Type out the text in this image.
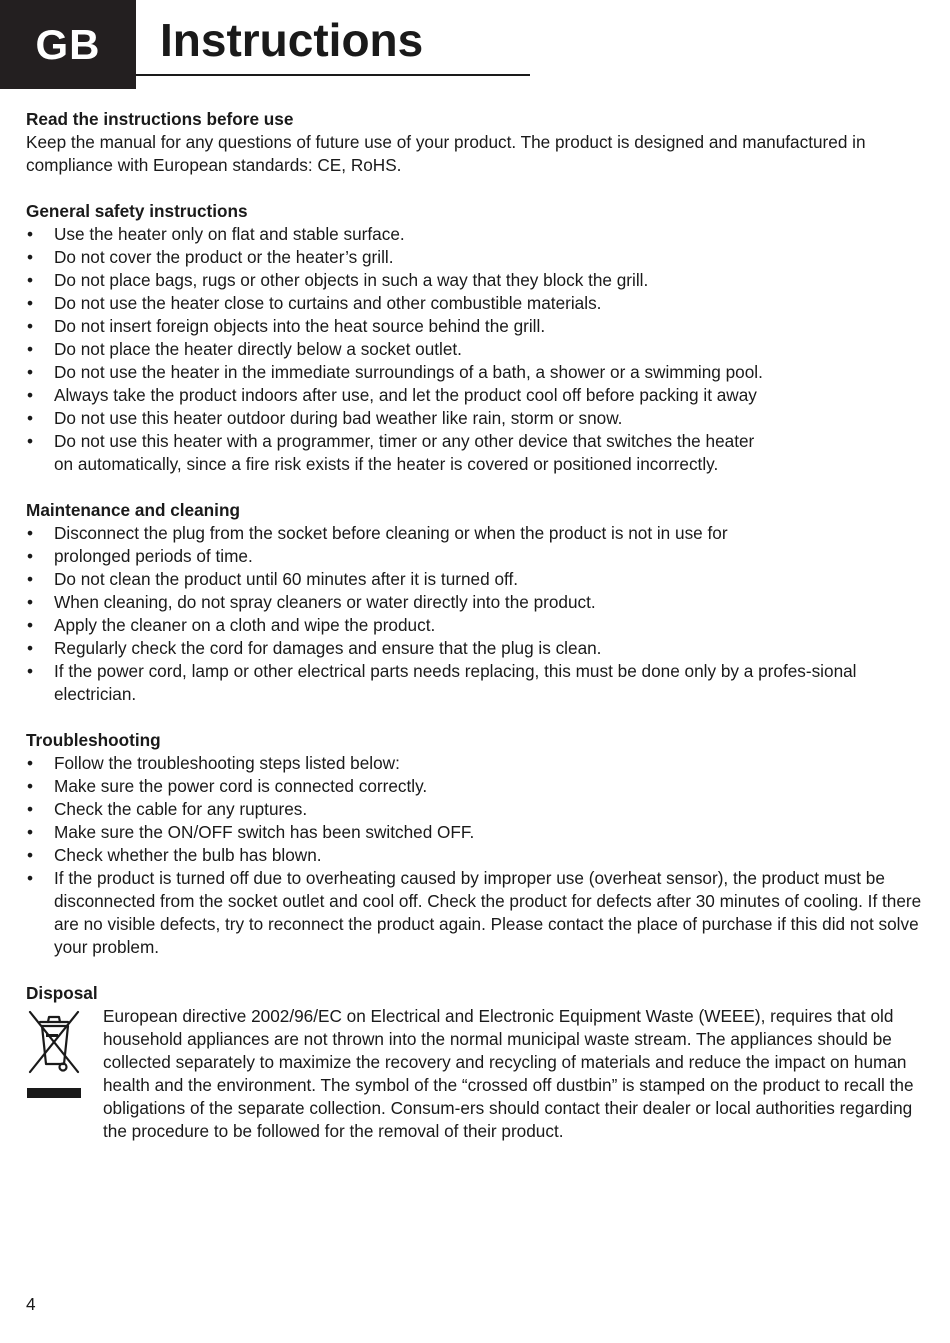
GB	Instructions
Read the instructions before use

Keep the manual for any questions of future use of your product. The product is designed and manufactured in compliance with European standards: CE, RoHS.

General safety instructions
• Use the heater only on flat and stable surface.
• Do not cover the product or the heater’s grill.
• Do not place bags, rugs or other objects in such a way that they block the grill.
• Do not use the heater close to curtains and other combustible materials.
• Do not insert foreign objects into the heat source behind the grill.
• Do not place the heater directly below a socket outlet.
• Do not use the heater in the immediate surroundings of a bath, a shower or a swimming pool.
• Always take the product indoors after use, and let the product cool off before packing it away
• Do not use this heater outdoor during bad weather like rain, storm or snow.
• Do not use this heater with a programmer, timer or any other device that switches the heater on automatically, since a fire risk exists if the heater is covered or positioned incorrectly.
Maintenance and cleaning
• Disconnect the plug from the socket before cleaning or when the product is not in use for
• prolonged periods of time.
• Do not clean the product until 60 minutes after it is turned off.
• When cleaning, do not spray cleaners or water directly into the product.
• Apply the cleaner on a cloth and wipe the product.
• Regularly check the cord for damages and ensure that the plug is clean.
• If the power cord, lamp or other electrical parts needs replacing, this must be done only by a profes-sional electrician.
Troubleshooting
• Follow the troubleshooting steps listed below:
• Make sure the power cord is connected correctly.
• Check the cable for any ruptures.
• Make sure the ON/OFF switch has been switched OFF.
• Check whether the bulb has blown.
• If the product is turned off due to overheating caused by improper use (overheat sensor), the product must be disconnected from the socket outlet and cool off. Check the product for defects after 30 minutes of cooling. If there are no visible defects, try to reconnect the product again. Please contact the place of purchase if this did not solve your problem.
Disposal

European directive 2002/96/EC on Electrical and Electronic Equipment Waste (WEEE), requires that old household appliances are not thrown into the normal municipal waste stream. The appliances should be collected separately to maximize the recovery and recycling of materials and reduce the impact on human health and the environment. The symbol of the “crossed off dustbin” is stamped on the product to recall the obligations of the separate collection. Consum-ers should contact their dealer or local authorities regarding the procedure to be followed for the removal of their product.

4
